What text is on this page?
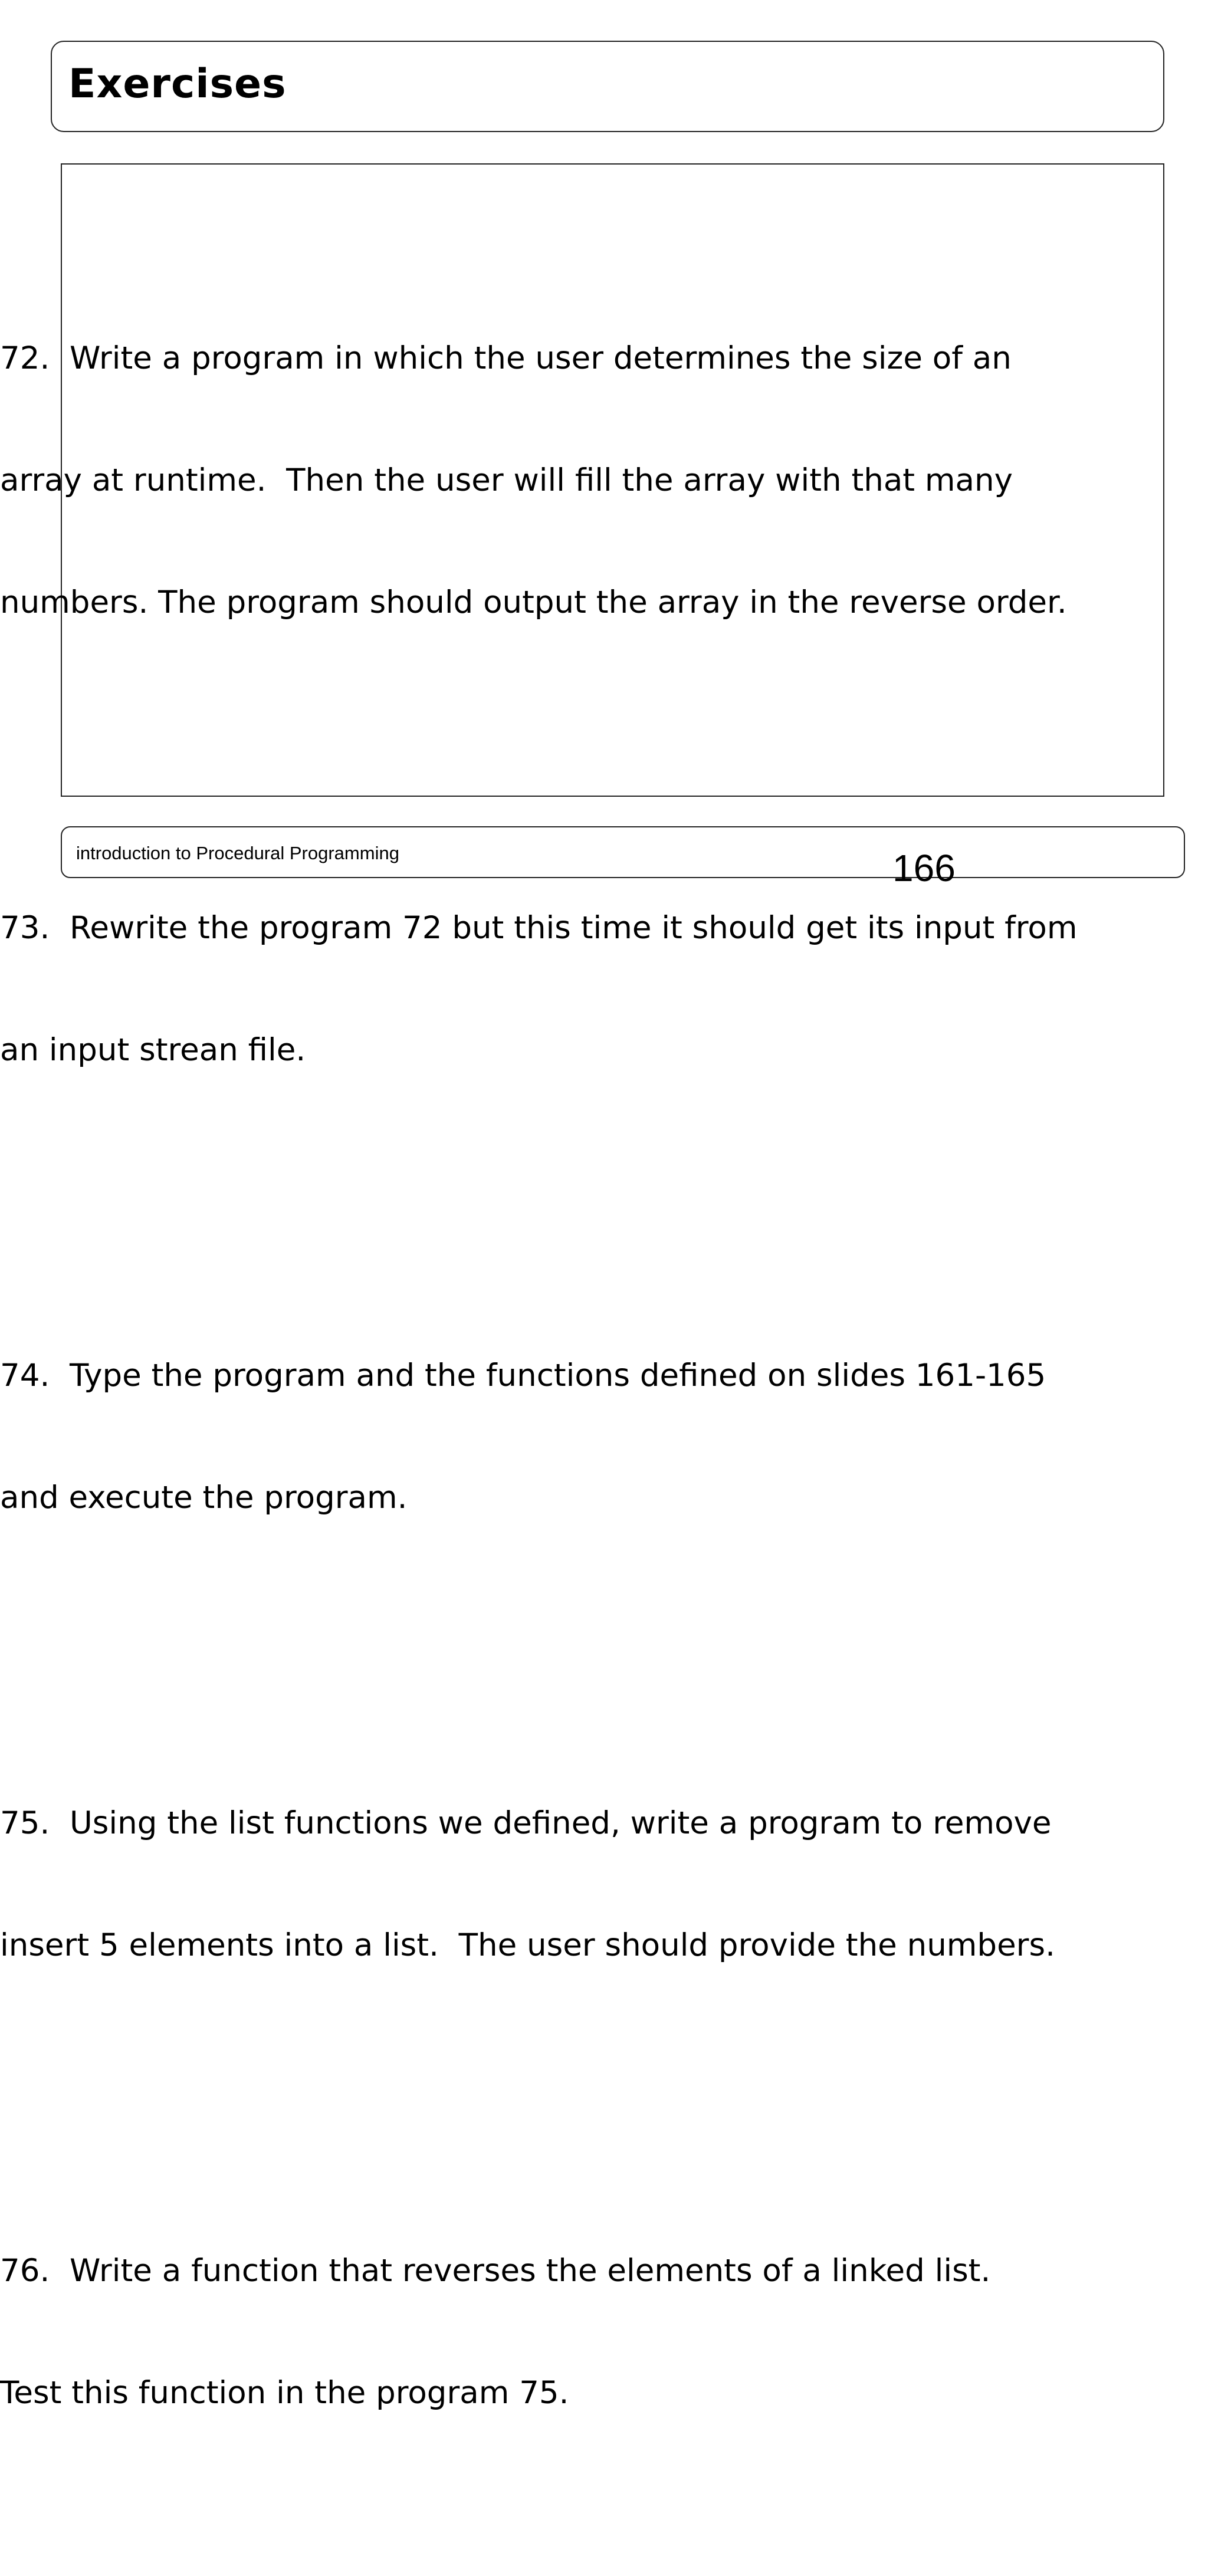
Exercises

72.  Write a program in which the user determines the size of an

array at runtime.  Then the user will fill the array with that many

numbers. The program should output the array in the reverse order.

73.  Rewrite the program 72 but this time it should get its input from

an input strean file.

74.  Type the program and the functions defined on slides 161-165

and execute the program.

75.  Using the list functions we defined, write a program to remove

insert 5 elements into a list.  The user should provide the numbers.

76.  Write a function that reverses the elements of a linked list.

Test this function in the program 75.

introduction to Procedural Programming	166
